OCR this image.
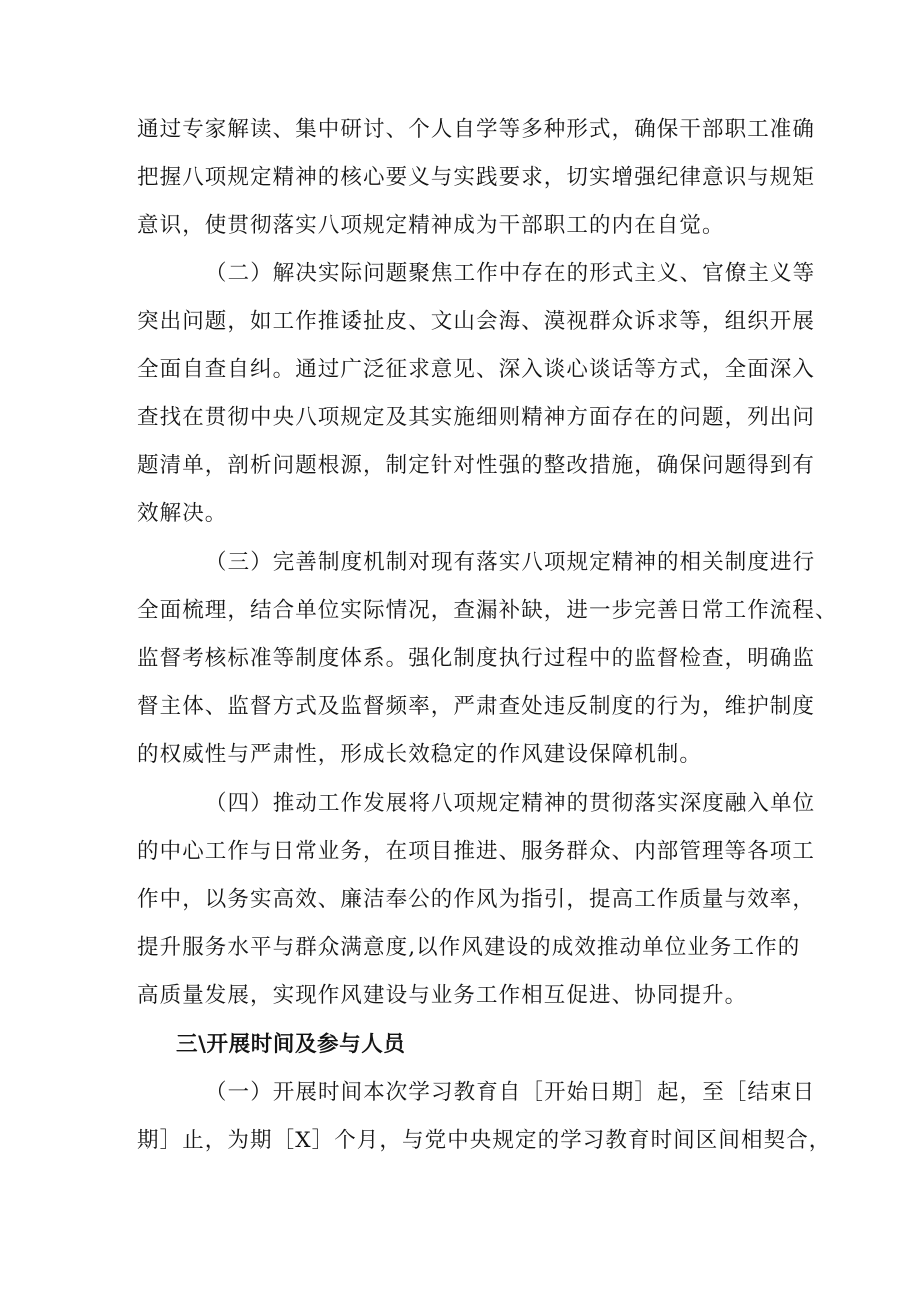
通过专家解读、集中研讨、个人自学等多种形式，确保干部职工准确
把握八项规定精神的核心要义与实践要求，切实增强纪律意识与规矩
意识，使贯彻落实八项规定精神成为干部职工的内在自觉。
（二）解决实际问题聚焦工作中存在的形式主义、官僚主义等
突出问题，如工作推诿扯皮、文山会海、漠视群众诉求等，组织开展
全面自查自纠。通过广泛征求意见、深入谈心谈话等方式，全面深入
查找在贯彻中央八项规定及其实施细则精神方面存在的问题，列出问
题清单，剖析问题根源，制定针对性强的整改措施，确保问题得到有
效解决。
（三）完善制度机制对现有落实八项规定精神的相关制度进行
全面梳理，结合单位实际情况，查漏补缺，进一步完善日常工作流程、
监督考核标准等制度体系。强化制度执行过程中的监督检查，明确监
督主体、监督方式及监督频率，严肃查处违反制度的行为，维护制度
的权威性与严肃性，形成长效稳定的作风建设保障机制。
（四）推动工作发展将八项规定精神的贯彻落实深度融入单位
的中心工作与日常业务，在项目推进、服务群众、内部管理等各项工
作中，以务实高效、廉洁奉公的作风为指引，提高工作质量与效率，
提升服务水平与群众满意度,以作风建设的成效推动单位业务工作的
高质量发展，实现作风建设与业务工作相互促进、协同提升。
三\开展时间及参与人员
（一）开展时间本次学习教育自［开始日期］起，至［结束日
期］止，为期［X］个月，与党中央规定的学习教育时间区间相契合，
